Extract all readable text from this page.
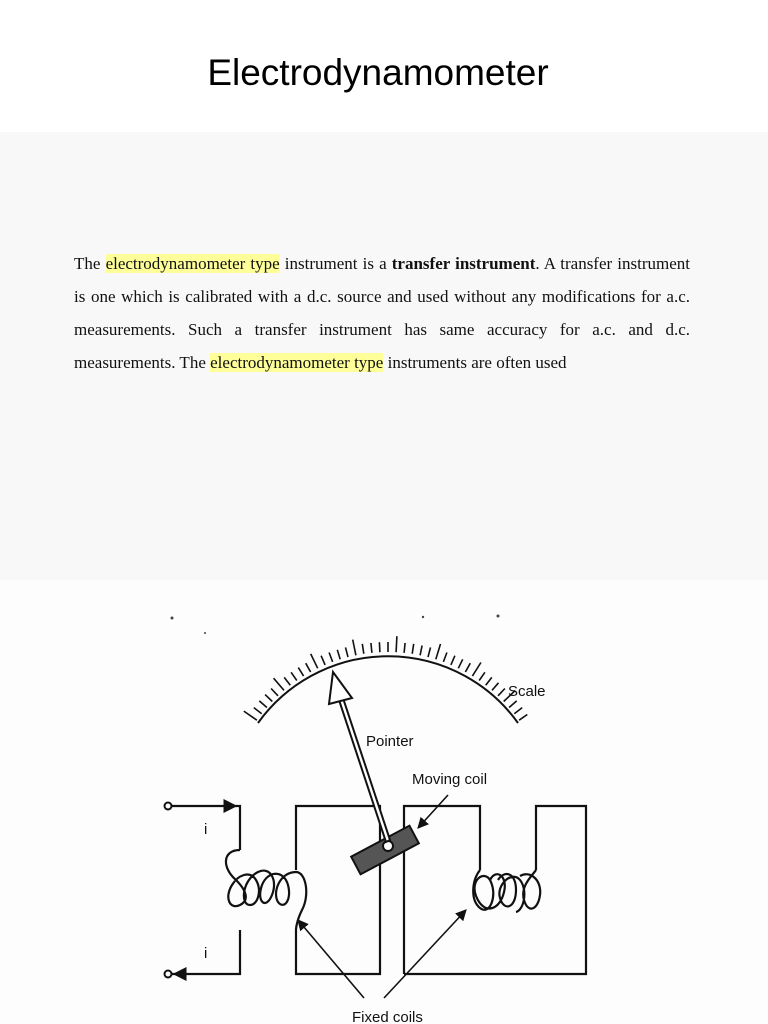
Electrodynamometer

The electrodynamometer type instrument is a transfer instrument. A transfer instrument is one which is calibrated with a d.c. source and used without any modifications for a.c. measurements. Such a transfer instrument has same accuracy for a.c. and d.c. measurements. The electrodynamometer type instruments are often used

Scale
Pointer
Moving coil
Fixed coils
i
i
